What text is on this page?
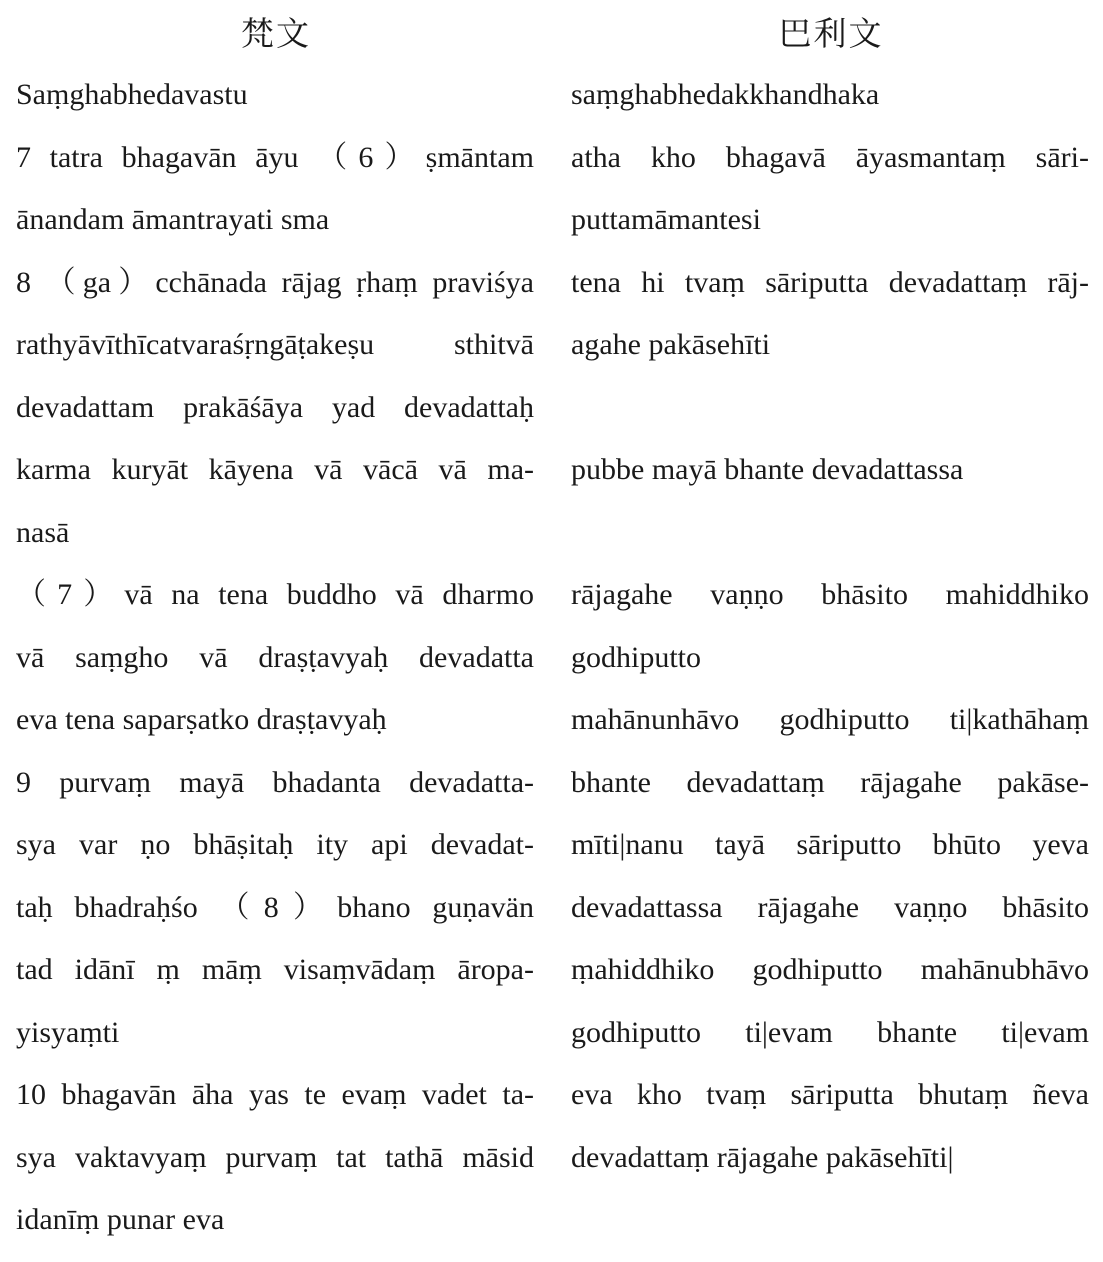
梵文
Saṃghabhedavastu
7 tatra bhagavān āyu （6）ṣmāntam
ānandam āmantrayati sma
8 （ga）cchānada rājag ṛhaṃ praviśya
rathyāvīthīcatvaraśṛngāṭakeṣu　sthitvā
devadattam prakāśāya yad devadattaḥ
karma kuryāt kāyena vā vācā vā ma-
nasā
（7）vā na tena buddho vā dharmo
vā saṃgho vā draṣṭavyaḥ devadatta
eva tena saparṣatko draṣṭavyaḥ
9 purvaṃ mayā bhadanta devadatta-
sya var ṇo bhāṣitaḥ ity api devadat-
taḥ bhadraḥśo （8）bhano guṇavän
tad idānī ṃ māṃ visaṃvādaṃ āropa-
yisyaṃti
10 bhagavān āha yas te evaṃ vadet ta-
sya vaktavyaṃ purvaṃ tat tathā māsid
idanīṃ punar eva
巴利文
saṃghabhedakkhandhaka
atha kho bhagavā āyasmantaṃ sāri-
puttamāmantesi
tena hi tvaṃ sāriputta devadattaṃ rāj-
agahe pakāsehīti
pubbe mayā bhante devadattassa
rājagahe vaṇṇo bhāsito mahiddhiko
godhiputto
mahānunhāvo godhiputto ti|kathāhaṃ
bhante devadattaṃ rājagahe pakāse-
mīti|nanu tayā sāriputto bhūto yeva
devadattassa rājagahe vaṇṇo bhāsito
ṃahiddhiko godhiputto mahānubhāvo
godhiputto ti|evam bhante ti|evam
eva kho tvaṃ sāriputta bhutaṃ ñeva
devadattaṃ rājagahe pakāsehīti|
